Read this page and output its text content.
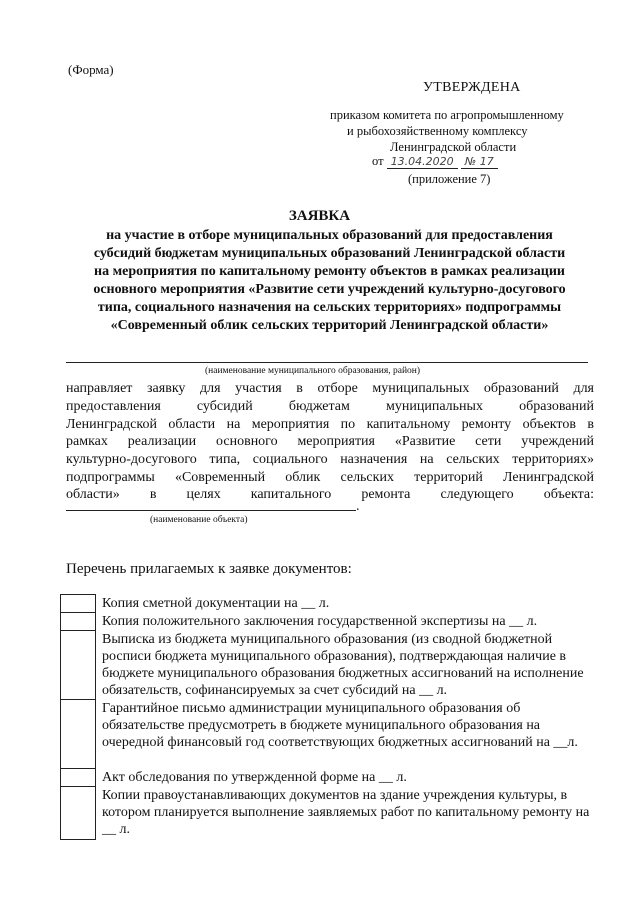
(Форма)
УТВЕРЖДЕНА
приказом комитета по агропромышленному
и рыбохозяйственному комплексу
Ленинградской области
от 13.04.2020 № 17
(приложение 7)
ЗАЯВКА
на участие в отборе муниципальных образований для предоставления
субсидий бюджетам муниципальных образований Ленинградской области
на мероприятия по капитальному ремонту объектов в рамках реализации
основного мероприятия «Развитие сети учреждений культурно-досугового
типа, социального назначения на сельских территориях» подпрограммы
«Современный облик сельских территорий Ленинградской области»
(наименование муниципального образования, район)
направляет заявку для участия в отборе муниципальных образований для
предоставления субсидий бюджетам муниципальных образований
Ленинградской области на мероприятия по капитальному ремонту объектов в
рамках реализации основного мероприятия «Развитие сети учреждений
культурно-досугового типа, социального назначения на сельских территориях»
подпрограммы «Современный облик сельских территорий Ленинградской
области» в целях капитального ремонта следующего объекта:
.
(наименование объекта)
Перечень прилагаемых к заявке документов:
	Копия сметной документации на __ л.
	Копия положительного заключения государственной экспертизы на __ л.
	Выписка из бюджета муниципального образования (из сводной бюджетной росписи бюджета муниципального образования), подтверждающая наличие в бюджете муниципального образования бюджетных ассигнований на исполнение обязательств, софинансируемых за счет субсидий на __ л.
	Гарантийное письмо администрации муниципального образования об обязательстве предусмотреть в бюджете муниципального образования на очередной финансовый год соответствующих бюджетных ассигнований на __л.
	Акт обследования по утвержденной форме на __ л.
	Копии правоустанавливающих документов на здание учреждения культуры, в котором планируется выполнение заявляемых работ по капитальному ремонту на __ л.
